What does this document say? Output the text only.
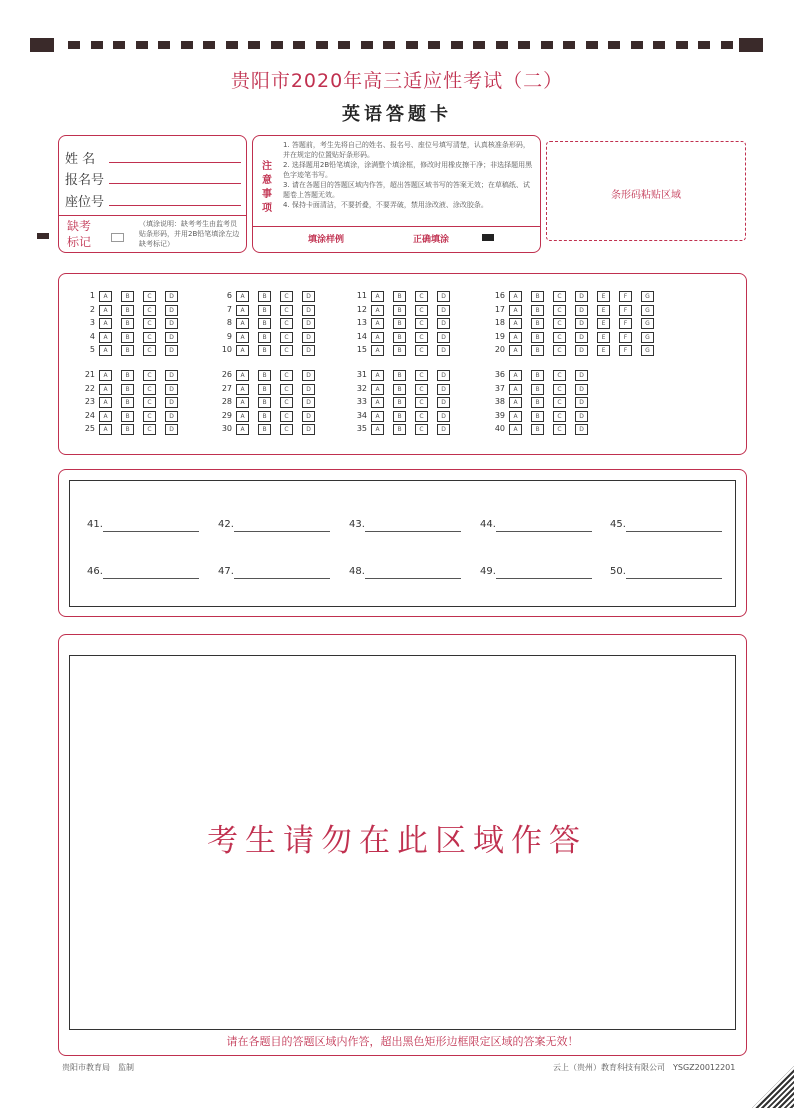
贵阳市2020年高三适应性考试（二）
英语答题卡
姓 名
报名号
座位号
缺考
标记
（填涂说明：缺考考生由监考员贴条形码，并用2B铅笔填涂左边缺考标记）
注
意
事
项
1. 答题前，考生先将自己的姓名、报名号、座位号填写清楚，认真核准条形码，并在规定的位置贴好条形码。
2. 选择题用2B铅笔填涂，涂满整个填涂框，修改时用橡皮擦干净；非选择题用黑色字迹笔书写。
3. 请在各题目的答题区域内作答，超出答题区域书写的答案无效；在草稿纸、试题卷上答题无效。
4. 保持卡面清洁，不要折叠，不要弄破，禁用涂改液、涂改胶条。
填涂样例	正确填涂
条形码粘贴区域
1	A	B	C	D
2	A	B	C	D
3	A	B	C	D
4	A	B	C	D
5	A	B	C	D
6	A	B	C	D
7	A	B	C	D
8	A	B	C	D
9	A	B	C	D
10	A	B	C	D
11	A	B	C	D
12	A	B	C	D
13	A	B	C	D
14	A	B	C	D
15	A	B	C	D
16	A	B	C	D	E	F	G
17	A	B	C	D	E	F	G
18	A	B	C	D	E	F	G
19	A	B	C	D	E	F	G
20	A	B	C	D	E	F	G
21	A	B	C	D
22	A	B	C	D
23	A	B	C	D
24	A	B	C	D
25	A	B	C	D
26	A	B	C	D
27	A	B	C	D
28	A	B	C	D
29	A	B	C	D
30	A	B	C	D
31	A	B	C	D
32	A	B	C	D
33	A	B	C	D
34	A	B	C	D
35	A	B	C	D
36	A	B	C	D
37	A	B	C	D
38	A	B	C	D
39	A	B	C	D
40	A	B	C	D
41.	42.	43.	44.	45.
46.	47.	48.	49.	50.
请在各题目的答题区域内作答，超出黑色矩形边框限定区域的答案无效！
考生请勿在此区域作答
贵阳市教育局　监制	云上（贵州）教育科技有限公司　YSGZ20012201
